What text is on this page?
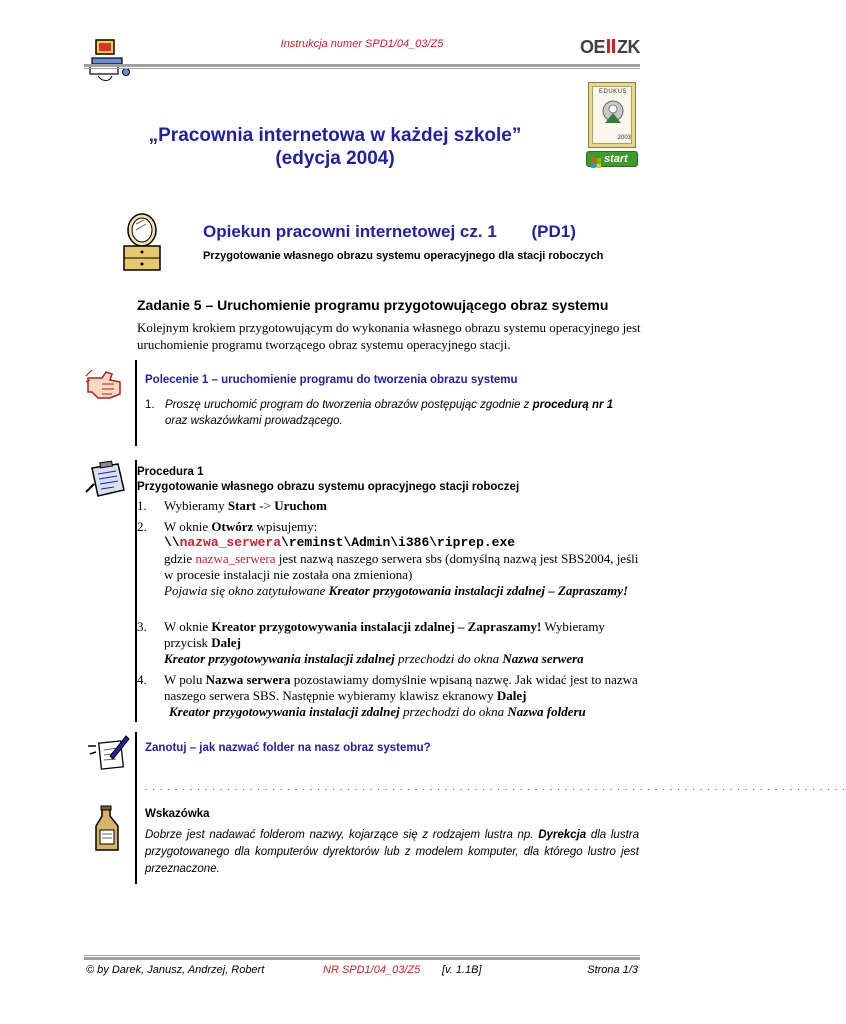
Instrukcja numer SPD1/04_03/Z5	OE ZK
EDUKUS
2003
start
„Pracownia internetowa w każdej szkole”
(edycja 2004)
Opiekun pracowni internetowej cz. 1 (PD1)
Przygotowanie własnego obrazu systemu operacyjnego dla stacji roboczych
Zadanie 5 – Uruchomienie programu przygotowującego obraz systemu
Kolejnym krokiem przygotowującym do wykonania własnego obrazu systemu operacyjnego jest uruchomienie programu tworzącego obraz systemu operacyjnego stacji.
Polecenie 1 – uruchomienie programu do tworzenia obrazu systemu
1. Proszę uruchomić program do tworzenia obrazów postępując zgodnie z procedurą nr 1 oraz wskazówkami prowadzącego.
Procedura 1
Przygotowanie własnego obrazu systemu opracyjnego stacji roboczej
1. Wybieramy Start -> Uruchom
2. W oknie Otwórz wpisujemy:
\\nazwa_serwera\reminst\Admin\i386\riprep.exe
gdzie nazwa_serwera jest nazwą naszego serwera sbs (domyślną nazwą jest SBS2004, jeśli w procesie instalacji nie została ona zmieniona)
Pojawia się okno zatytułowane Kreator przygotowania instalacji zdalnej – Zapraszamy!
3. W oknie Kreator przygotowywania instalacji zdalnej – Zapraszamy! Wybieramy przycisk Dalej
Kreator przygotowywania instalacji zdalnej przechodzi do okna Nazwa serwera
4. W polu Nazwa serwera pozostawiamy domyślnie wpisaną nazwę. Jak widać jest to nazwa naszego serwera SBS. Następnie wybieramy klawisz ekranowy Dalej
Kreator przygotowywania instalacji zdalnej przechodzi do okna Nazwa folderu
Zanotuj – jak nazwać folder na nasz obraz systemu?
. . . . . . . . . . . . . . . . . . . . . . . . . . . . . . . . . . . . . . . . . . . . . . . . . . . . . . . . . . . . . . . . . . . . . . . . . . . . . . . . . . . . . . . . . . . . . .
Wskazówka
Dobrze jest nadawać folderom nazwy, kojarzące się z rodzajem lustra np. Dyrekcja dla lustra przygotowanego dla komputerów dyrektorów lub z modelem komputer, dla którego lustro jest przeznaczone.
© by Darek, Janusz, Andrzej, Robert	NR SPD1/04_03/Z5 [v. 1.1B]	Strona 1/3
